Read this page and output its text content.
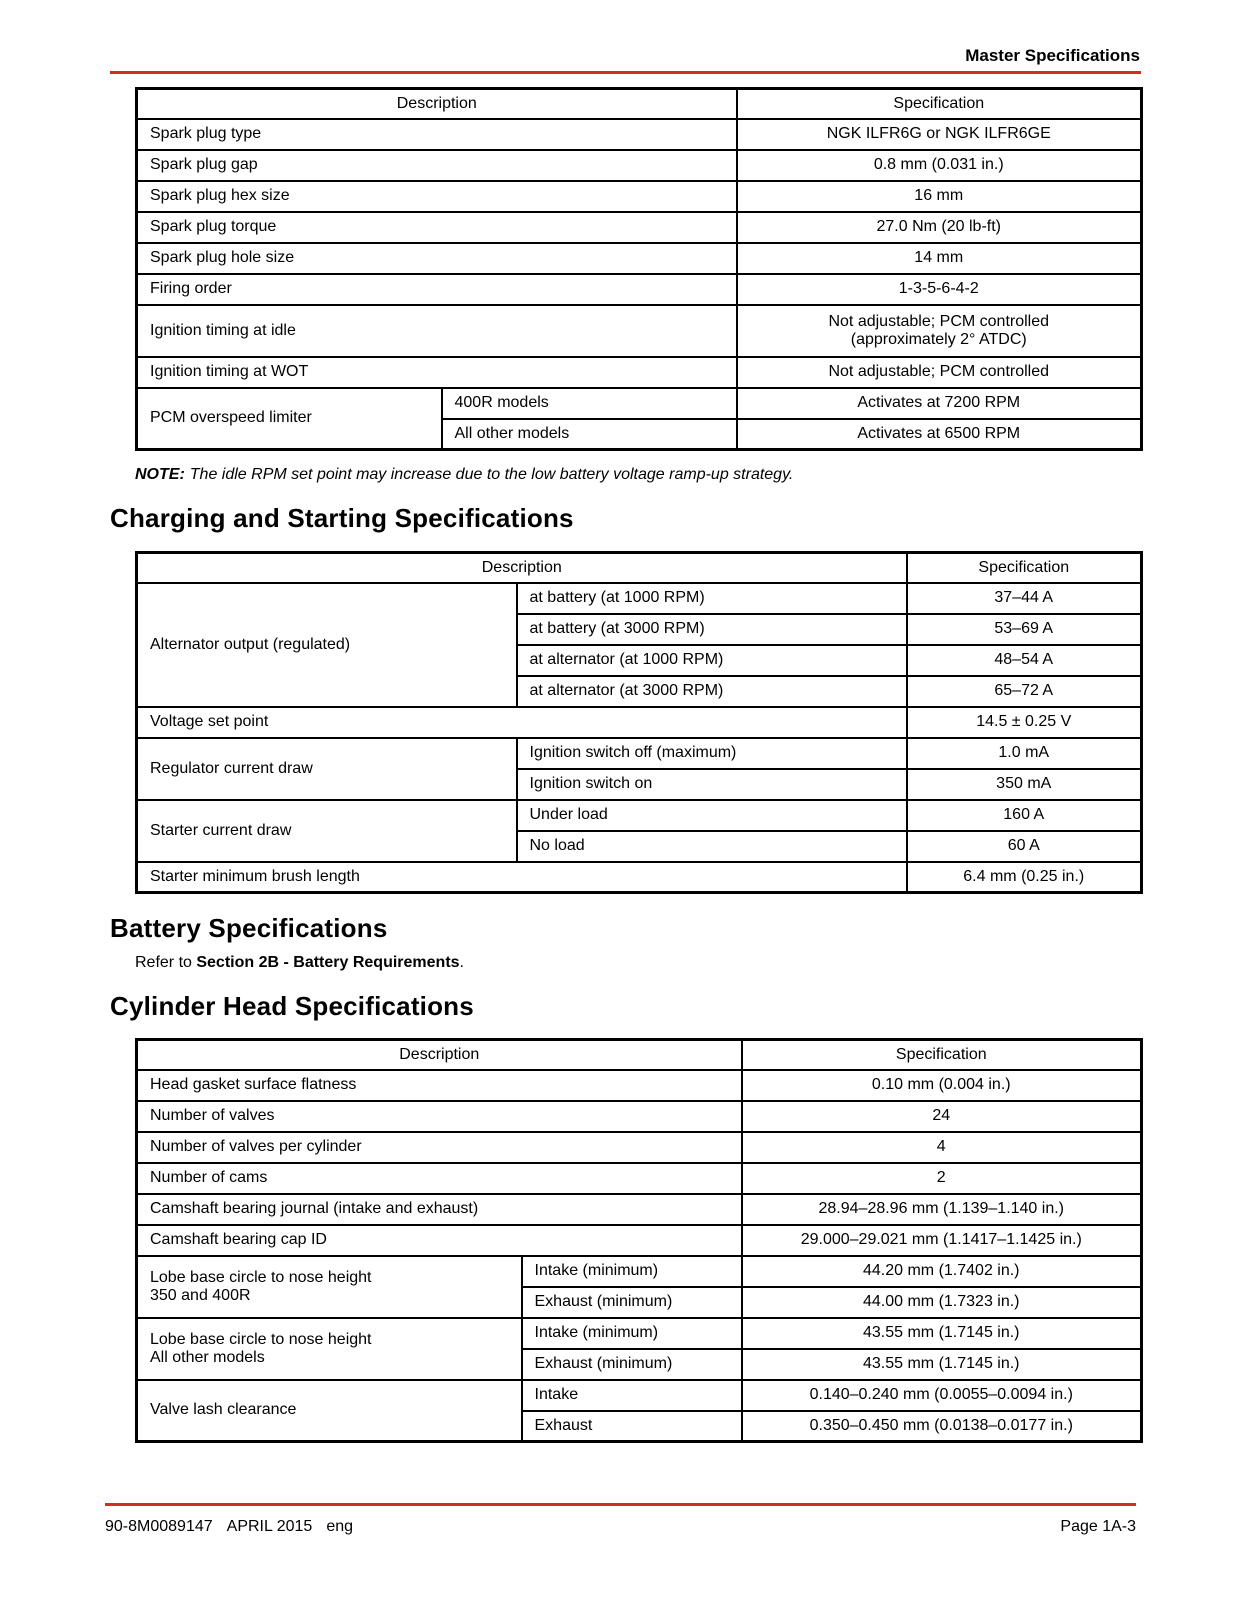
Master Specifications
Description		Specification
Spark plug type		NGK ILFR6G or NGK ILFR6GE
Spark plug gap		0.8 mm (0.031 in.)
Spark plug hex size		16 mm
Spark plug torque		27.0 Nm (20 lb-ft)
Spark plug hole size		14 mm
Firing order		1-3-5-6-4-2
Ignition timing at idle		Not adjustable; PCM controlled
(approximately 2° ATDC)

Ignition timing at WOT		Not adjustable; PCM controlled
PCM overspeed limiter	400R models	Activates at 7200 RPM
	All other models	Activates at 6500 RPM

NOTE: The idle RPM set point may increase due to the low battery voltage ramp-up strategy.

Charging and Starting Specifications
Description		Specification
Alternator output (regulated)	at battery (at 1000 RPM)	37–44 A
	at battery (at 3000 RPM)	53–69 A
	at alternator (at 1000 RPM)	48–54 A
	at alternator (at 3000 RPM)	65–72 A
Voltage set point		14.5 ± 0.25 V
Regulator current draw	Ignition switch off (maximum)	1.0 mA
	Ignition switch on	350 mA
Starter current draw	Under load	160 A
	No load	60 A
Starter minimum brush length		6.4 mm (0.25 in.)
Battery Specifications

Refer to Section 2B - Battery Requirements.

Cylinder Head Specifications
Description		Specification
Head gasket surface flatness		0.10 mm (0.004 in.)
Number of valves		24
Number of valves per cylinder		4
Number of cams		2
Camshaft bearing journal (intake and exhaust)		28.94–28.96 mm (1.139–1.140 in.)
Camshaft bearing cap ID		29.000–29.021 mm (1.1417–1.1425 in.)

Lobe base circle to nose height
350 and 400R	Intake (minimum)	44.20 mm (1.7402 in.)
	Exhaust (minimum)	44.00 mm (1.7323 in.)

Lobe base circle to nose height
All other models	Intake (minimum)	43.55 mm (1.7145 in.)
	Exhaust (minimum)	43.55 mm (1.7145 in.)
Valve lash clearance	Intake	0.140–0.240 mm (0.0055–0.0094 in.)
	Exhaust	0.350–0.450 mm (0.0138–0.0177 in.)
90-8M0089147 APRIL 2015 eng	Page 1A-3
